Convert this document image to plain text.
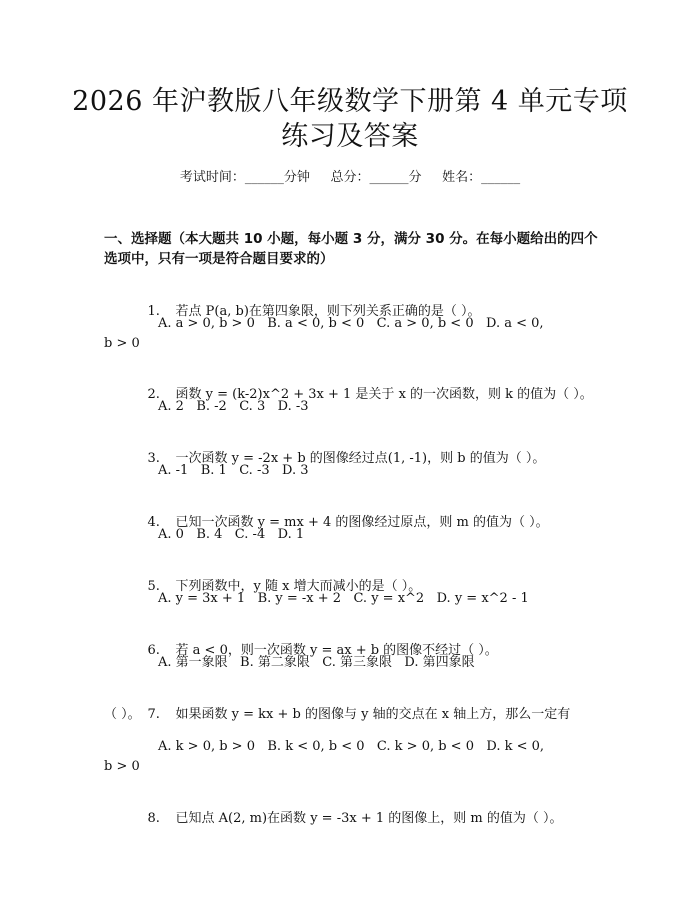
2026 年沪教版八年级数学下册第 4 单元专项
练习及答案
考试时间：______分钟     总分：______分     姓名：______
一、选择题（本大题共 10 小题，每小题 3 分，满分 30 分。在每小题给出的四个
选项中，只有一项是符合题目要求的）

1. 若点 P(a, b)在第四象限，则下列关系正确的是（ ）。

A. a > 0, b > 0   B. a < 0, b < 0   C. a > 0, b < 0   D. a < 0,
b > 0

2. 函数 y = (k-2)x^2 + 3x + 1 是关于 x 的一次函数，则 k 的值为（ ）。

A. 2   B. -2   C. 3   D. -3

3. 一次函数 y = -2x + b 的图像经过点(1, -1)，则 b 的值为（ ）。

A. -1   B. 1   C. -3   D. 3

4. 已知一次函数 y = mx + 4 的图像经过原点，则 m 的值为（ ）。

A. 0   B. 4   C. -4   D. 1

5. 下列函数中，y 随 x 增大而减小的是（ ）。

A. y = 3x + 1   B. y = -x + 2   C. y = x^2   D. y = x^2 - 1

6. 若 a < 0，则一次函数 y = ax + b 的图像不经过（ ）。

A. 第一象限   B. 第二象限   C. 第三象限   D. 第四象限

7. 如果函数 y = kx + b 的图像与 y 轴的交点在 x 轴上方，那么一定有

（ ）。
A. k > 0, b > 0   B. k < 0, b < 0   C. k > 0, b < 0   D. k < 0,
b > 0

8. 已知点 A(2, m)在函数 y = -3x + 1 的图像上，则 m 的值为（ ）。
